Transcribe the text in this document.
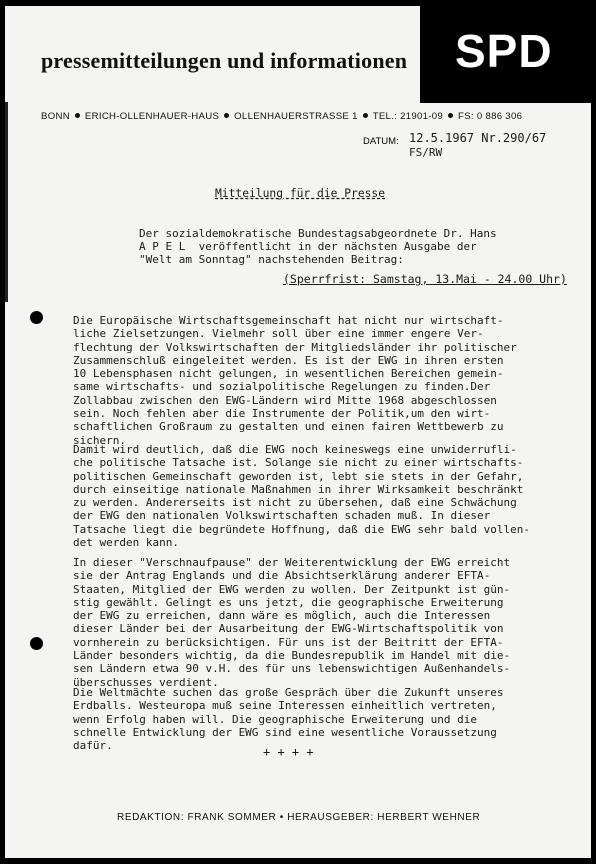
SPD
pressemitteilungen und informationen
BONN ERICH-OLLENHAUER-HAUS OLLENHAUERSTRASSE 1 TEL.: 21901-09 FS: 0 886 306
DATUM: 12.5.1967 Nr.290/67
FS/RW
Mitteilung für die Presse
Der sozialdemokratische Bundestagsabgeordnete Dr. Hans
A P E L  veröffentlicht in der nächsten Ausgabe der
"Welt am Sonntag" nachstehenden Beitrag:
(Sperrfrist: Samstag, 13.Mai - 24.00 Uhr)
Die Europäische Wirtschaftsgemeinschaft hat nicht nur wirtschaft-
liche Zielsetzungen. Vielmehr soll über eine immer engere Ver-
flechtung der Volkswirtschaften der Mitgliedsländer ihr politischer
Zusammenschluß eingeleitet werden. Es ist der EWG in ihren ersten
10 Lebensphasen nicht gelungen, in wesentlichen Bereichen gemein-
same wirtschafts- und sozialpolitische Regelungen zu finden.Der
Zollabbau zwischen den EWG-Ländern wird Mitte 1968 abgeschlossen
sein. Noch fehlen aber die Instrumente der Politik,um den wirt-
schaftlichen Großraum zu gestalten und einen fairen Wettbewerb zu
sichern.
Damit wird deutlich, daß die EWG noch keineswegs eine unwiderrufli-
che politische Tatsache ist. Solange sie nicht zu einer wirtschafts-
politischen Gemeinschaft geworden ist, lebt sie stets in der Gefahr,
durch einseitige nationale Maßnahmen in ihrer Wirksamkeit beschränkt
zu werden. Andererseits ist nicht zu übersehen, daß eine Schwächung
der EWG den nationalen Volkswirtschaften schaden muß. In dieser
Tatsache liegt die begründete Hoffnung, daß die EWG sehr bald vollen-
det werden kann.
In dieser "Verschnaufpause" der Weiterentwicklung der EWG erreicht
sie der Antrag Englands und die Absichtserklärung anderer EFTA-
Staaten, Mitglied der EWG werden zu wollen. Der Zeitpunkt ist gün-
stig gewählt. Gelingt es uns jetzt, die geographische Erweiterung
der EWG zu erreichen, dann wäre es möglich, auch die Interessen
dieser Länder bei der Ausarbeitung der EWG-Wirtschaftspolitik von
vornherein zu berücksichtigen. Für uns ist der Beitritt der EFTA-
Länder besonders wichtig, da die Bundesrepublik im Handel mit die-
sen Ländern etwa 90 v.H. des für uns lebenswichtigen Außenhandels-
überschusses verdient.
Die Weltmächte suchen das große Gespräch über die Zukunft unseres
Erdballs. Westeuropa muß seine Interessen einheitlich vertreten,
wenn Erfolg haben will. Die geographische Erweiterung und die
schnelle Entwicklung der EWG sind eine wesentliche Voraussetzung
dafür.	+ + + +
REDAKTION: FRANK SOMMER • HERAUSGEBER: HERBERT WEHNER
